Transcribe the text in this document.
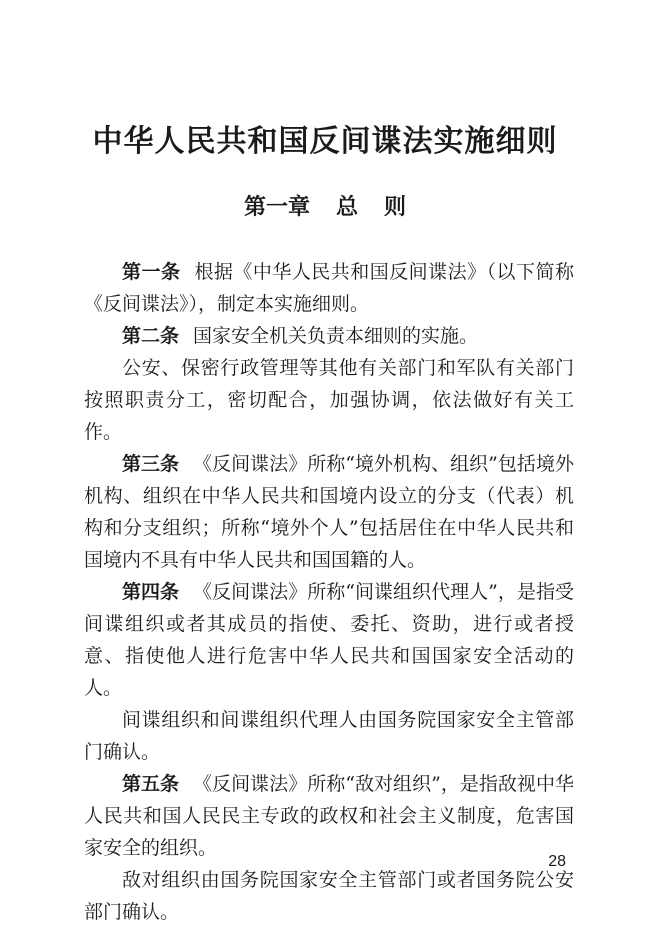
中华人民共和国反间谍法实施细则
第一章 总 则

第一条 根据《中华人民共和国反间谍法》（以下简称《反间谍法》），制定本实施细则。

第二条 国家安全机关负责本细则的实施。

公安、保密行政管理等其他有关部门和军队有关部门按照职责分工，密切配合，加强协调，依法做好有关工作。

第三条 《反间谍法》所称“境外机构、组织”包括境外机构、组织在中华人民共和国境内设立的分支（代表）机构和分支组织；所称“境外个人”包括居住在中华人民共和国境内不具有中华人民共和国国籍的人。

第四条 《反间谍法》所称“间谍组织代理人”，是指受间谍组织或者其成员的指使、委托、资助，进行或者授意、指使他人进行危害中华人民共和国国家安全活动的人。

间谍组织和间谍组织代理人由国务院国家安全主管部门确认。

第五条 《反间谍法》所称“敌对组织”，是指敌视中华人民共和国人民民主专政的政权和社会主义制度，危害国家安全的组织。

敌对组织由国务院国家安全主管部门或者国务院公安部门确认。

28
